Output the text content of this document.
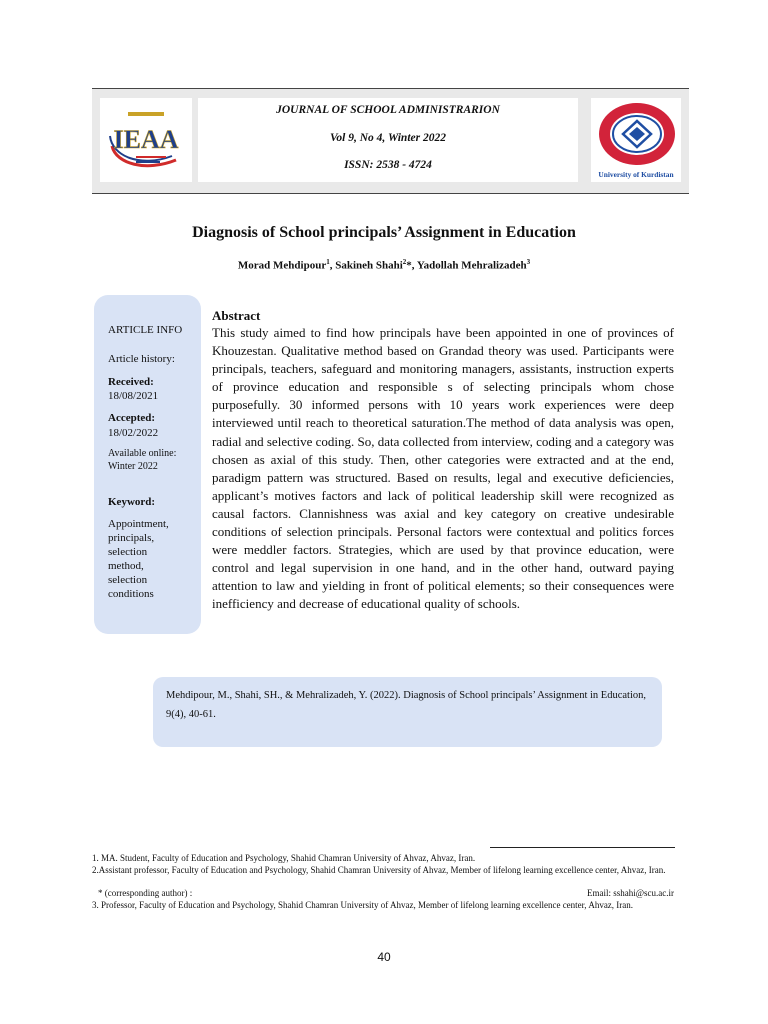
IEAA
JOURNAL OF SCHOOL ADMINISTRARION
Vol 9, No 4, Winter 2022
ISSN: 2538 - 4724
University of Kurdistan
Diagnosis of School principals’ Assignment in Education
Morad Mehdipour$^1$, Sakineh Shahi$^2$*, Yadollah Mehralizadeh$^3$
ARTICLE INFO
Article history:
Received:
18/08/2021
Accepted:
18/02/2022
Available online:
Winter 2022
Keyword:
Appointment, principals, selection method, selection conditions
Abstract
This study aimed to find how principals have been appointed in one of provinces of Khouzestan. Qualitative method based on Grandad theory was used. Participants were principals, teachers, safeguard and monitoring managers, assistants, instruction experts of province education and responsible s of selecting principals whom chose purposefully. 30 informed persons with 10 years work experiences were deep interviewed until reach to theoretical saturation.The method of data analysis was open, radial and selective coding. So, data collected from interview, coding and a category was chosen as axial of this study. Then, other categories were extracted and at the end, paradigm pattern was structured. Based on results, legal and executive deficiencies, applicant’s motives factors and lack of political leadership skill were recognized as causal factors. Clannishness was axial and key category on creative undesirable conditions of selection principals. Personal factors were contextual and politics forces were meddler factors. Strategies, which are used by that province education, were control and legal supervision in one hand, and in the other hand, outward paying attention to law and yielding in front of political elements; so their consequences were inefficiency and decrease of educational quality of schools.
Mehdipour, M., Shahi, SH., & Mehralizadeh, Y. (2022). Diagnosis of School principals’ Assignment in Education, 9(4), 40-61.
1. MA. Student, Faculty of Education and Psychology, Shahid Chamran University of Ahvaz, Ahvaz, Iran.
2.Assistant professor, Faculty of Education and Psychology, Shahid Chamran University of Ahvaz, Member of lifelong learning excellence center, Ahvaz, Iran.
* (corresponding author) :	Email: sshahi@scu.ac.ir
3. Professor, Faculty of Education and Psychology, Shahid Chamran University of Ahvaz, Member of lifelong learning excellence center, Ahvaz, Iran.
40
